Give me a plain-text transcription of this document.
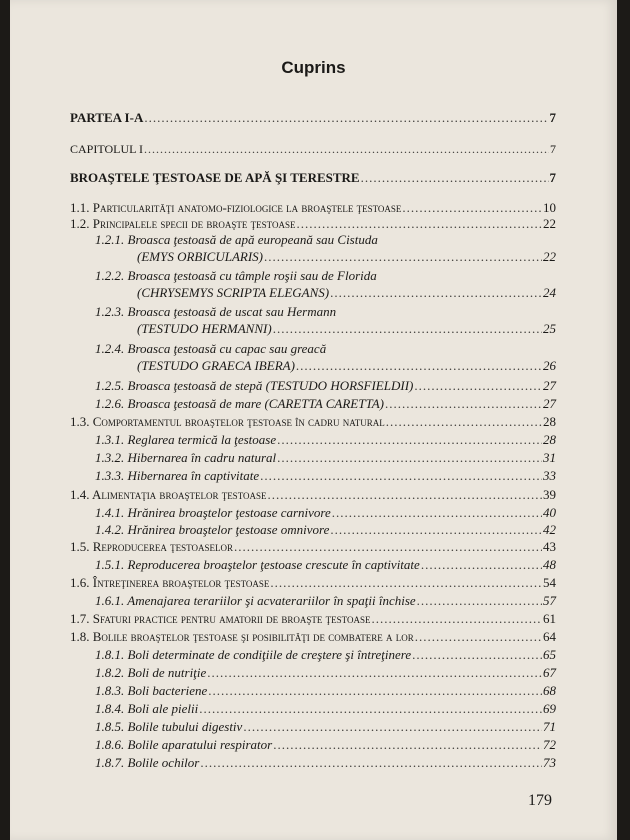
Cuprins
PARTEA I-A .....	7
CAPITOLUL I .....	7
BROAŞTELE ŢESTOASE DE APĂ ŞI TERESTRE .....	7
1.1. Particularităţi anatomo-fiziologice la broaştele ţestoase .....	10
1.2. Principalele specii de broaşte ţestoase .....	22
1.2.1. Broasca ţestoasă de apă europeană sau Cistuda
(EMYS ORBICULARIS) .....	22
1.2.2. Broasca ţestoasă cu tâmple roşii sau de Florida
(CHRYSEMYS SCRIPTA ELEGANS) .....	24
1.2.3. Broasca ţestoasă de uscat sau Hermann
(TESTUDO HERMANNI) .....	25
1.2.4. Broasca ţestoasă cu capac sau greacă
(TESTUDO GRAECA IBERA) .....	26
1.2.5. Broasca ţestoasă de stepă (TESTUDO HORSFIELDII) .....	27
1.2.6. Broasca ţestoasă de mare (CARETTA CARETTA) .....	27
1.3. Comportamentul broaştelor ţestoase în cadru natural .....	28
1.3.1. Reglarea termică la ţestoase .....	28
1.3.2. Hibernarea în cadru natural .....	31
1.3.3. Hibernarea în captivitate .....	33
1.4. Alimentaţia broaştelor ţestoase .....	39
1.4.1. Hrănirea broaştelor ţestoase carnivore .....	40
1.4.2. Hrănirea broaştelor ţestoase omnivore .....	42
1.5. Reproducerea ţestoaselor .....	43
1.5.1. Reproducerea broaştelor ţestoase crescute în captivitate .....	48
1.6. Întreţinerea broaştelor ţestoase .....	54
1.6.1. Amenajarea terariilor şi acvaterariilor în spaţii închise .....	57
1.7. Sfaturi practice pentru amatorii de broaşte ţestoase .....	61
1.8. Bolile broaştelor ţestoase şi posibilităţi de combatere a lor .....	64
1.8.1. Boli determinate de condiţiile de creştere şi întreţinere .....	65
1.8.2. Boli de nutriţie .....	67
1.8.3. Boli bacteriene .....	68
1.8.4. Boli ale pielii .....	69
1.8.5. Bolile tubului digestiv .....	71
1.8.6. Bolile aparatului respirator .....	72
1.8.7. Bolile ochilor .....	73
179
